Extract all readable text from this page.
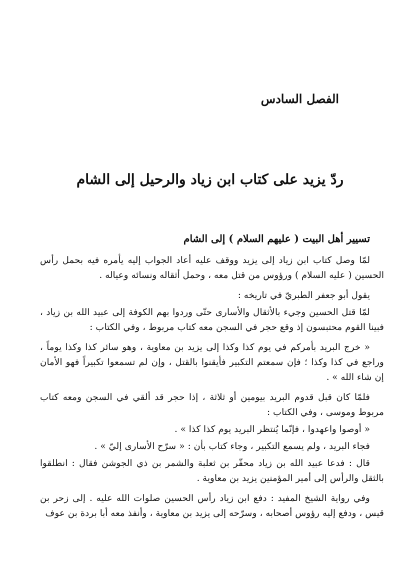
الفصل السادس
ردّ يزيد على كتاب ابن زياد والرحيل إلى الشام
تسيير أهل البيت ( عليهم السلام ) إلى الشام

لمّا وصل كتاب ابن زياد إلى يزيد ووقف عليه أعاد الجواب إليه يأمره فيه بحمل رأس الحسين ( عليه السلام ) ورؤوس من قتل معه ، وحمل أثقاله ونسائه وعياله .

يقول أبو جعفر الطبريّ في تاريخه :

لمّا قتل الحسين وجيء بالأثقال والأسارى حتّى وردوا بهم الكوفة إلى عبيد الله بن زياد ، فبينا القوم محتبسون إذ وقع حجر في السجن معه كتاب مربوط ، وفي الكتاب :

« خرج البريد بأمركم في يوم كذا وكذا إلى يزيد بن معاوية ، وهو سائر كذا وكذا يوماً ، وراجع في كذا وكذا ؛ فإن سمعتم التكبير فأيقنوا بالقتل ، وإن لم تسمعوا تكبيراً فهو الأمان إن شاء الله » .

فلمّا كان قبل قدوم البريد بيومين أو ثلاثة ، إذا حجر قد ألقي في السجن ومعه كتاب مربوط وموسى ، وفي الكتاب :

« أوصوا واعهدوا ، فإنّما يُنتظر البريد يوم كذا كذا » .

فجاء البريد ، ولم يسمع التكبير ، وجاء كتاب بأن : « سرّح الأسارى إليّ » .

قال : فدعا عبيد الله بن زياد محفّر بن ثعلبة والشمر بن ذي الجوشن فقال : انطلقوا بالثقل والرأس إلى أمير المؤمنين يزيد بن معاوية .

وفي رواية الشيخ المفيد : دفع ابن زياد رأس الحسين صلوات الله عليه . إلى زحر بن قيس ، ودفع إليه رؤوس أصحابه ، وسرّحه إلى يزيد بن معاوية ، وأنفذ معه أبا بردة بن عوف
